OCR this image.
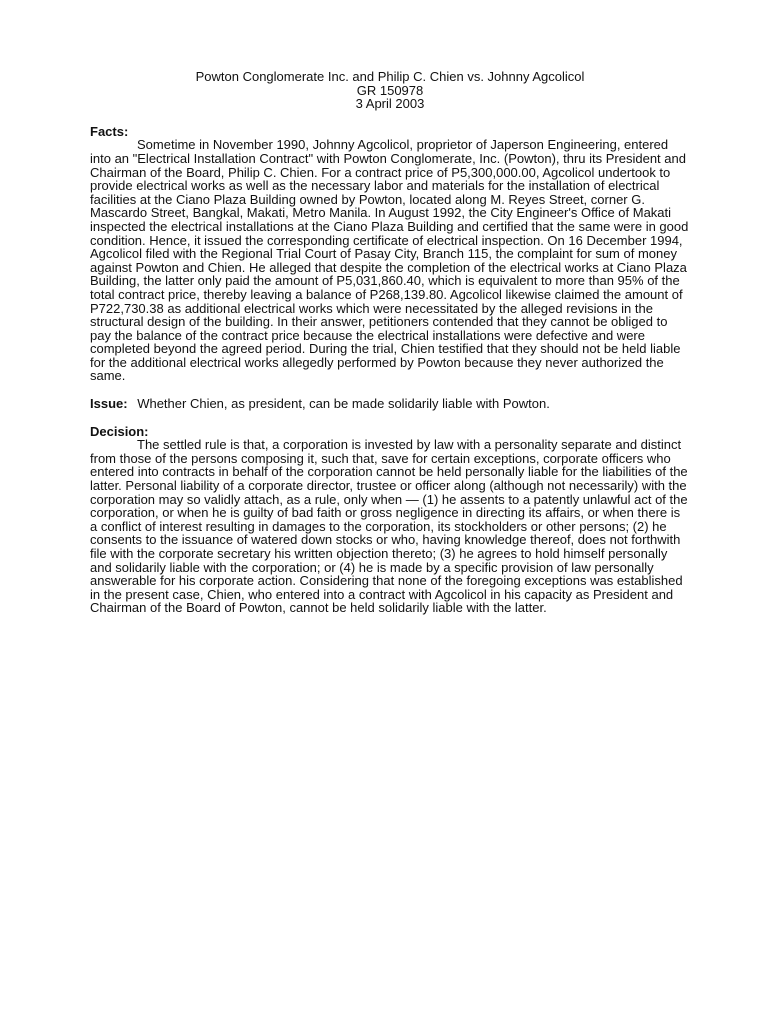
Powton Conglomerate Inc. and Philip C. Chien vs. Johnny Agcolicol
GR 150978
3 April 2003
Facts:

Sometime in November 1990, Johnny Agcolicol, proprietor of Japerson Engineering, entered into an "Electrical Installation Contract" with Powton Conglomerate, Inc. (Powton), thru its President and Chairman of the Board, Philip C. Chien. For a contract price of P5,300,000.00, Agcolicol undertook to provide electrical works as well as the necessary labor and materials for the installation of electrical facilities at the Ciano Plaza Building owned by Powton, located along M. Reyes Street, corner G. Mascardo Street, Bangkal, Makati, Metro Manila. In August 1992, the City Engineer's Office of Makati inspected the electrical installations at the Ciano Plaza Building and certified that the same were in good condition. Hence, it issued the corresponding certificate of electrical inspection. On 16 December 1994, Agcolicol filed with the Regional Trial Court of Pasay City, Branch 115, the complaint for sum of money against Powton and Chien. He alleged that despite the completion of the electrical works at Ciano Plaza Building, the latter only paid the amount of P5,031,860.40, which is equivalent to more than 95% of the total contract price, thereby leaving a balance of P268,139.80. Agcolicol likewise claimed the amount of P722,730.38 as additional electrical works which were necessitated by the alleged revisions in the structural design of the building. In their answer, petitioners contended that they cannot be obliged to pay the balance of the contract price because the electrical installations were defective and were completed beyond the agreed period. During the trial, Chien testified that they should not be held liable for the additional electrical works allegedly performed by Powton because they never authorized the same.

Issue: Whether Chien, as president, can be made solidarily liable with Powton.
Decision:

The settled rule is that, a corporation is invested by law with a personality separate and distinct from those of the persons composing it, such that, save for certain exceptions, corporate officers who entered into contracts in behalf of the corporation cannot be held personally liable for the liabilities of the latter. Personal liability of a corporate director, trustee or officer along (although not necessarily) with the corporation may so validly attach, as a rule, only when — (1) he assents to a patently unlawful act of the corporation, or when he is guilty of bad faith or gross negligence in directing its affairs, or when there is a conflict of interest resulting in damages to the corporation, its stockholders or other persons; (2) he consents to the issuance of watered down stocks or who, having knowledge thereof, does not forthwith file with the corporate secretary his written objection thereto; (3) he agrees to hold himself personally and solidarily liable with the corporation; or (4) he is made by a specific provision of law personally answerable for his corporate action. Considering that none of the foregoing exceptions was established in the present case, Chien, who entered into a contract with Agcolicol in his capacity as President and Chairman of the Board of Powton, cannot be held solidarily liable with the latter.
